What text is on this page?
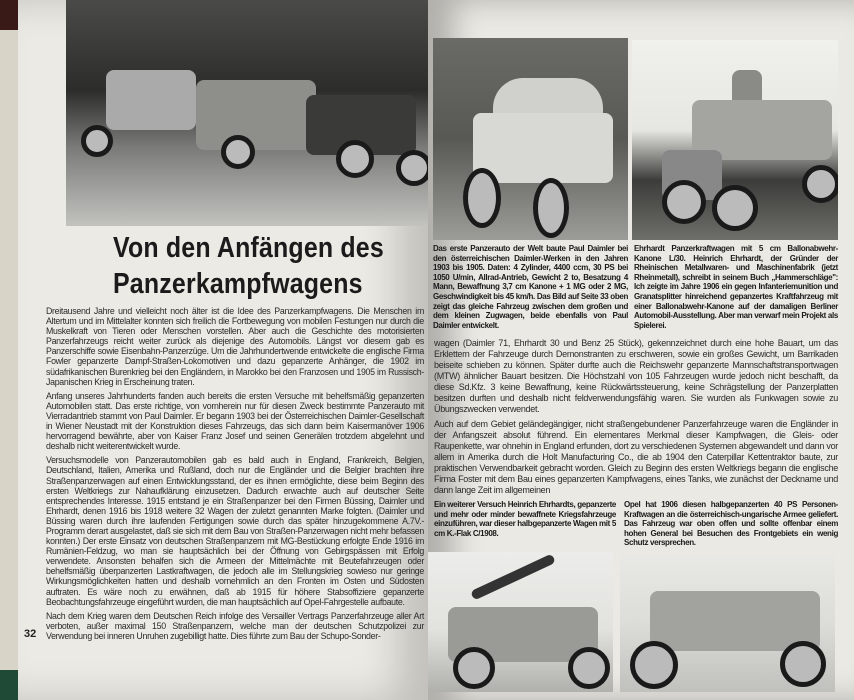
Von den Anfängen des Panzerkampfwagens

Dreitausend Jahre und vielleicht noch älter ist die Idee des Panzerkampfwagens. Die Menschen im Altertum und im Mittelalter konnten sich freilich die Fortbewegung von mobilen Festungen nur durch die Muskelkraft von Tieren oder Menschen vorstellen. Aber auch die Geschichte des motorisierten Panzerfahrzeugs reicht weiter zurück als diejenige des Automobils. Längst vor diesem gab es Panzerschiffe sowie Eisenbahn-Panzerzüge. Um die Jahrhundertwende entwickelte die englische Firma Fowler gepanzerte Dampf-Straßen-Lokomotiven und dazu gepanzerte Anhänger, die 1902 im südafrikanischen Burenkrieg bei den Engländern, in Marokko bei den Franzosen und 1905 im Russisch-Japanischen Krieg in Erscheinung traten.

Anfang unseres Jahrhunderts fanden auch bereits die ersten Versuche mit behelfsmäßig gepanzerten Automobilen statt. Das erste richtige, von vornherein nur für diesen Zweck bestimmte Panzerauto mit Vierradantrieb stammt von Paul Daimler. Er begann 1903 bei der Österreichischen Daimler-Gesellschaft in Wiener Neustadt mit der Konstruktion dieses Fahrzeugs, das sich dann beim Kaisermanöver 1906 hervorragend bewährte, aber von Kaiser Franz Josef und seinen Generälen trotzdem abgelehnt und deshalb nicht weiterentwickelt wurde.

Versuchsmodelle von Panzerautomobilen gab es bald auch in England, Frankreich, Belgien, Deutschland, Italien, Amerika und Rußland, doch nur die Engländer und die Belgier brachten ihre Straßenpanzerwagen auf einen Entwicklungsstand, der es ihnen ermöglichte, diese beim Beginn des ersten Weltkriegs zur Nahaufklärung einzusetzen. Dadurch erwachte auch auf deutscher Seite entsprechendes Interesse. 1915 entstand je ein Straßenpanzer bei den Firmen Büssing, Daimler und Ehrhardt, denen 1916 bis 1918 weitere 32 Wagen der zuletzt genannten Marke folgten. (Daimler und Büssing waren durch ihre laufenden Fertigungen sowie durch das später hinzugekommene A.7V.-Programm derart ausgelastet, daß sie sich mit dem Bau von Straßen-Panzerwagen nicht mehr befassen konnten.) Der erste Einsatz von deutschen Straßenpanzern mit MG-Bestückung erfolgte Ende 1916 im Rumänien-Feldzug, wo man sie hauptsächlich bei der Öffnung von Gebirgspässen mit Erfolg verwendete. Ansonsten behalfen sich die Armeen der Mittelmächte mit Beutefahrzeugen oder behelfsmäßig überpanzerten Lastkraftwagen, die jedoch alle im Stellungskrieg sowieso nur geringe Wirkungsmöglichkeiten hatten und deshalb vornehmlich an den Fronten im Osten und Südosten auftraten. Es wäre noch zu erwähnen, daß ab 1915 für höhere Stabsoffiziere gepanzerte Beobachtungsfahrzeuge eingeführt wurden, die man hauptsächlich auf Opel-Fahrgestelle aufbaute.

Nach dem Krieg waren dem Deutschen Reich infolge des Versailler Vertrags Panzerfahrzeuge aller Art verboten, außer maximal 150 Straßenpanzern, welche man der deutschen Schutzpolizei zur Verwendung bei inneren Unruhen zugebilligt hatte. Dies führte zum Bau der Schupo-Sonder-

32
Das erste Panzerauto der Welt baute Paul Daimler bei den österreichischen Daimler-Werken in den Jahren 1903 bis 1905. Daten: 4 Zylinder, 4400 ccm, 30 PS bei 1050 U/min, Allrad-Antrieb, Gewicht 2 to, Besatzung 4 Mann, Bewaffnung 3,7 cm Kanone + 1 MG oder 2 MG, Geschwindigkeit bis 45 km/h. Das Bild auf Seite 33 oben zeigt das gleiche Fahrzeug zwischen dem großen und dem kleinen Zugwagen, beide ebenfalls von Paul Daimler entwickelt.
Ehrhardt Panzerkraftwagen mit 5 cm Ballonabwehr-Kanone L/30. Heinrich Ehrhardt, der Gründer der Rheinischen Metallwaren- und Maschinenfabrik (jetzt Rheinmetall), schreibt in seinem Buch „Hammerschläge": Ich zeigte im Jahre 1906 ein gegen Infanteriemunition und Granatsplitter hinreichend gepanzertes Kraftfahrzeug mit einer Ballonabwehr-Kanone auf der damaligen Berliner Automobil-Ausstellung. Aber man verwarf mein Projekt als Spielerei.

wagen (Daimler 71, Ehrhardt 30 und Benz 25 Stück), gekennzeichnet durch eine hohe Bauart, um das Erklettern der Fahrzeuge durch Demonstranten zu erschweren, sowie ein großes Gewicht, um Barrikaden beiseite schieben zu können. Später durfte auch die Reichswehr gepanzerte Mannschaftstransportwagen (MTW) ähnlicher Bauart besitzen. Die Höchstzahl von 105 Fahrzeugen wurde jedoch nicht beschafft, da diese Sd.Kfz. 3 keine Bewaffnung, keine Rückwärtssteuerung, keine Schrägstellung der Panzerplatten besitzen durften und deshalb nicht feldverwendungsfähig waren. Sie wurden als Funkwagen sowie zu Übungszwecken verwendet.

Auch auf dem Gebiet geländegängiger, nicht straßengebundener Panzerfahrzeuge waren die Engländer in der Anfangszeit absolut führend. Ein elementares Merkmal dieser Kampfwagen, die Gleis- oder Raupenkette, war ohnehin in England erfunden, dort zu verschiedenen Systemen abgewandelt und dann vor allem in Amerika durch die Holt Manufacturing Co., die ab 1904 den Caterpillar Kettentraktor baute, zur praktischen Verwendbarkeit gebracht worden. Gleich zu Beginn des ersten Weltkriegs begann die englische Firma Foster mit dem Bau eines gepanzerten Kampfwagens, eines Tanks, wie zunächst der Deckname und dann lange Zeit im allgemeinen

Ein weiterer Versuch Heinrich Ehrhardts, gepanzerte und mehr oder minder bewaffnete Kriegsfahrzeuge einzuführen, war dieser halbgepanzerte Wagen mit 5 cm K.-Flak C/1908.
Opel hat 1906 diesen halbgepanzerten 40 PS Personen-Kraftwagen an die österreichisch-ungarische Armee geliefert. Das Fahrzeug war oben offen und sollte offenbar einem hohen General bei Besuchen des Frontgebiets ein wenig Schutz versprechen.
